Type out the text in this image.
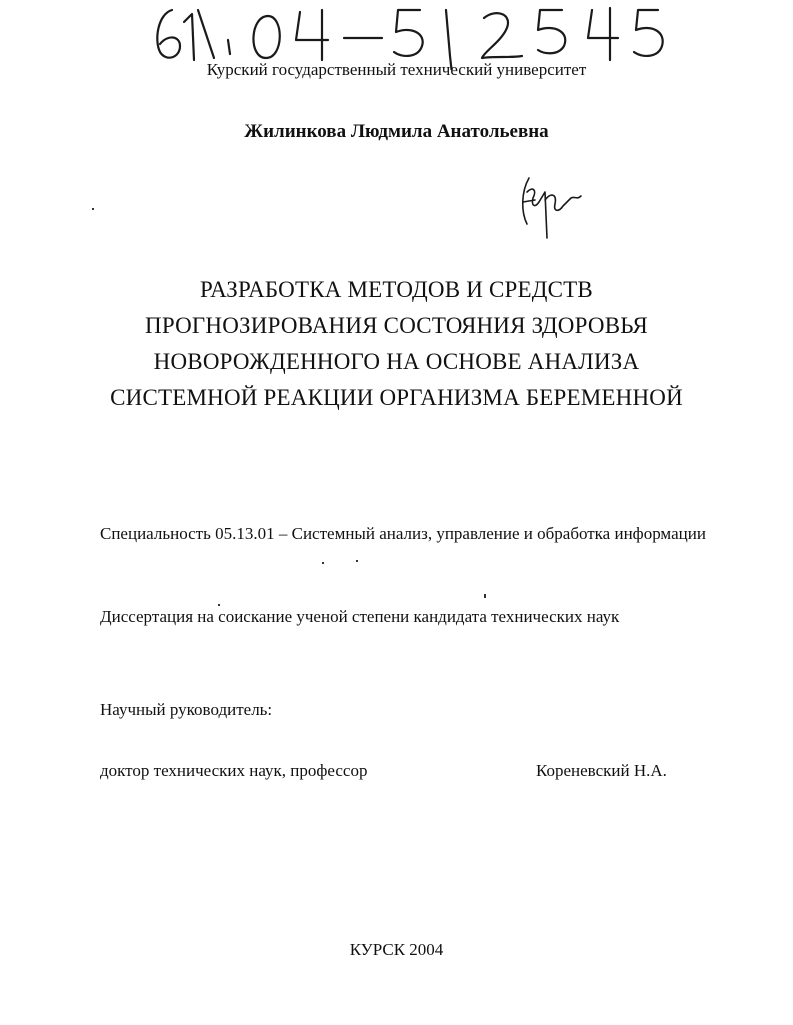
Курский государственный технический университет
Жилинкова Людмила Анатольевна
РАЗРАБОТКА МЕТОДОВ И СРЕДСТВ
ПРОГНОЗИРОВАНИЯ СОСТОЯНИЯ ЗДОРОВЬЯ
НОВОРОЖДЕННОГО НА ОСНОВЕ АНАЛИЗА
СИСТЕМНОЙ РЕАКЦИИ ОРГАНИЗМА БЕРЕМЕННОЙ
Специальность 05.13.01 – Системный анализ, управление и обработка информации
Диссертация на соискание ученой степени кандидата технических наук
Научный руководитель:
доктор технических наук, профессор	Кореневский Н.А.
КУРСК 2004
